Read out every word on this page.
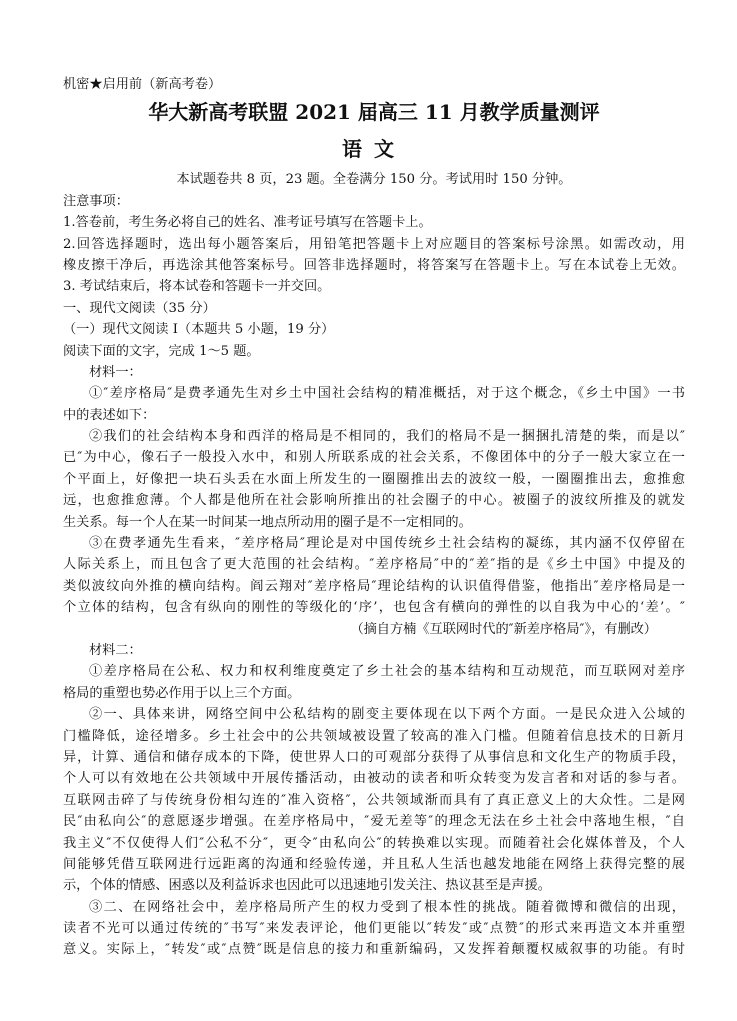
机密★启用前（新高考卷）
华大新高考联盟 2021 届高三 11 月教学质量测评
语文
本试题卷共 8 页，23 题。全卷满分 150 分。考试用时 150 分钟。
注意事项：
1.答卷前，考生务必将自己的姓名、准考证号填写在答题卡上。
2.回答选择题时，选出每小题答案后，用铅笔把答题卡上对应题目的答案标号涂黑。如需改动，用
橡皮擦干净后，再选涂其他答案标号。回答非选择题时，将答案写在答题卡上。写在本试卷上无效。
3. 考试结束后，将本试卷和答题卡一并交回。
一、现代文阅读（35 分）
（一）现代文阅读 I（本题共 5 小题，19 分）
阅读下面的文字，完成 1～5 题。
材料一：
①″差序格局″是费孝通先生对乡土中国社会结构的精准概括，对于这个概念，《乡土中国》一书
中的表述如下：
②我们的社会结构本身和西洋的格局是不相同的，我们的格局不是一捆捆扎清楚的柴，而是以″
已″为中心，像石子一般投入水中，和别人所联系成的社会关系，不像团体中的分子一般大家立在一
个平面上，好像把一块石头丢在水面上所发生的一圈圈推出去的波纹一般，一圈圈推出去，愈推愈
远，也愈推愈薄。个人都是他所在社会影响所推出的社会圈子的中心。被圈子的波纹所推及的就发
生关系。每一个人在某一时间某一地点所动用的圈子是不一定相同的。
③在费孝通先生看来，″差序格局″理论是对中国传统乡土社会结构的凝练，其内涵不仅停留在
人际关系上，而且包含了更大范围的社会结构。″差序格局″中的″差″指的是《乡土中国》中提及的
类似波纹向外推的横向结构。阎云翔对″差序格局″理论结构的认识值得借鉴，他指出″差序格局是一
个立体的结构，包含有纵向的刚性的等级化的‘序’，也包含有横向的弹性的以自我为中心的‘差’。″
（摘自方楠《互联网时代的″新差序格局″》，有删改）
材料二：
①差序格局在公私、权力和权利维度奠定了乡土社会的基本结构和互动规范，而互联网对差序
格局的重塑也势必作用于以上三个方面。
②一、具体来讲，网络空间中公私结构的剧变主要体现在以下两个方面。一是民众进入公域的
门槛降低，途径增多。乡土社会中的公共领域被设置了较高的准入门槛。但随着信息技术的日新月
异，计算、通信和储存成本的下降，使世界人口的可观部分获得了从事信息和文化生产的物质手段，
个人可以有效地在公共领域中开展传播活动，由被动的读者和听众转变为发言者和对话的参与者。
互联网击碎了与传统身份相勾连的″准入资格″，公共领域渐而具有了真正意义上的大众性。二是网
民″由私向公″的意愿逐步增强。在差序格局中，″爱无差等″的理念无法在乡土社会中落地生根，″自
我主义″不仅使得人们″公私不分″，更令″由私向公″的转换难以实现。而随着社会化媒体普及，个人
间能够凭借互联网进行远距离的沟通和经验传递，并且私人生活也越发地能在网络上获得完整的展
示，个体的情感、困惑以及利益诉求也因此可以迅速地引发关注、热议甚至是声援。
③二、在网络社会中，差序格局所产生的权力受到了根本性的挑战。随着微博和微信的出现，
读者不光可以通过传统的″书写″来发表评论，他们更能以″转发″或″点赞″的形式来再造文本并重塑
意义。实际上，″转发″或″点赞″既是信息的接力和重新编码，又发挥着颠覆权威叙事的功能。有时
